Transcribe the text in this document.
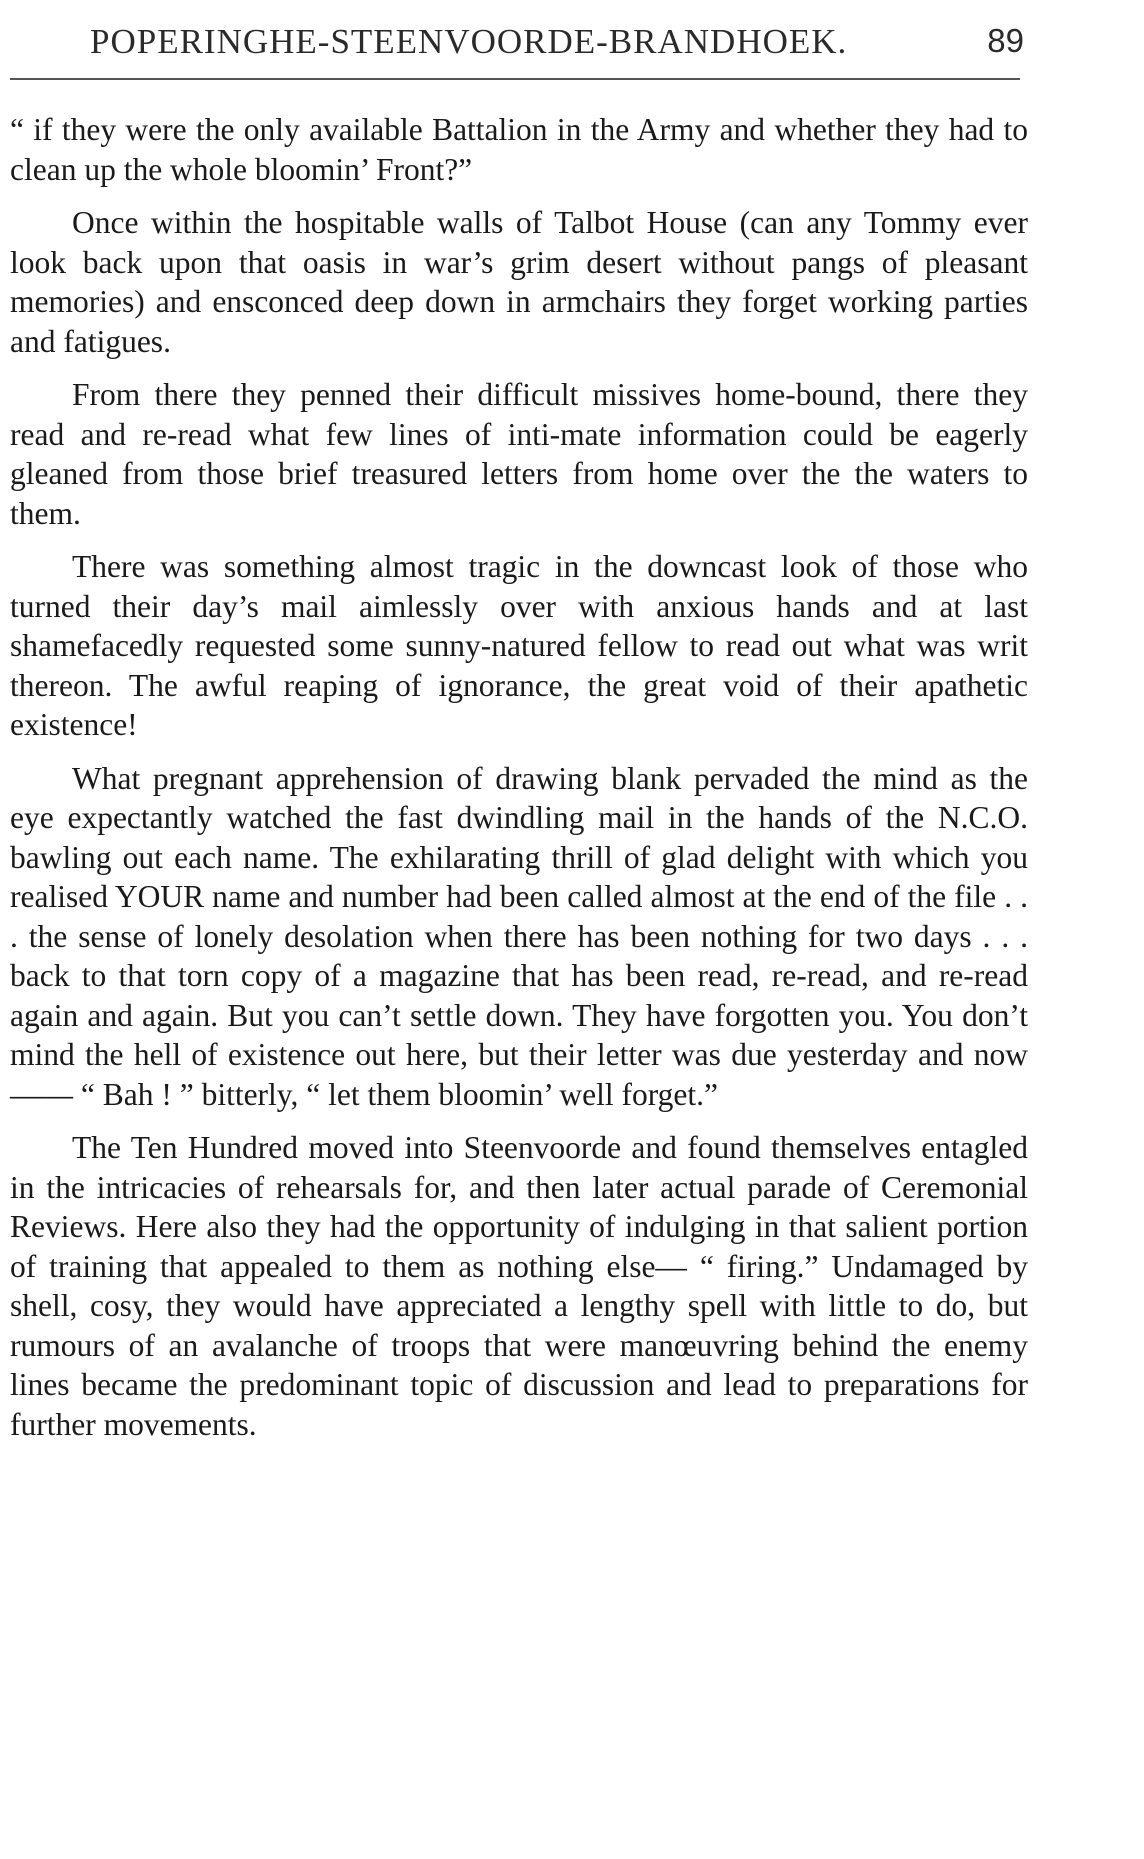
POPERINGHE-STEENVOORDE-BRANDHOEK.	89

“ if they were the only available Battalion in the Army and whether they had to clean up the whole bloomin’ Front?”

Once within the hospitable walls of Talbot House (can any Tommy ever look back upon that oasis in war’s grim desert without pangs of pleasant memories) and ensconced deep down in armchairs they forget working parties and fatigues.

From there they penned their difficult missives home-bound, there they read and re-read what few lines of inti-mate information could be eagerly gleaned from those brief treasured letters from home over the the waters to them.

There was something almost tragic in the downcast look of those who turned their day’s mail aimlessly over with anxious hands and at last shamefacedly requested some sunny-natured fellow to read out what was writ thereon. The awful reaping of ignorance, the great void of their apathetic existence!

What pregnant apprehension of drawing blank pervaded the mind as the eye expectantly watched the fast dwindling mail in the hands of the N.C.O. bawling out each name. The exhilarating thrill of glad delight with which you realised YOUR name and number had been called almost at the end of the file . . . the sense of lonely desolation when there has been nothing for two days . . . back to that torn copy of a magazine that has been read, re-read, and re-read again and again. But you can’t settle down. They have forgotten you. You don’t mind the hell of existence out here, but their letter was due yesterday and now—— “ Bah ! ” bitterly, “ let them bloomin’ well forget.”

The Ten Hundred moved into Steenvoorde and found themselves entagled in the intricacies of rehearsals for, and then later actual parade of Ceremonial Reviews. Here also they had the opportunity of indulging in that salient portion of training that appealed to them as nothing else— “ firing.” Undamaged by shell, cosy, they would have appreciated a lengthy spell with little to do, but rumours of an avalanche of troops that were manœuvring behind the enemy lines became the predominant topic of discussion and lead to preparations for further movements.
